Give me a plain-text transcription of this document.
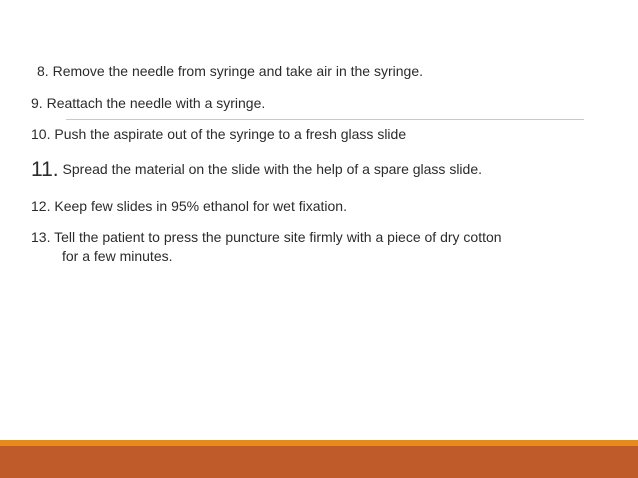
8. Remove the needle from syringe and take air in the syringe.
9. Reattach the needle with a syringe.
10. Push the aspirate out of the syringe to a fresh glass slide
11. Spread the material on the slide with the help of a spare glass slide.
12. Keep few slides in 95% ethanol for wet fixation.
13. Tell the patient to press the puncture site firmly with a piece of dry cotton
for a few minutes.
